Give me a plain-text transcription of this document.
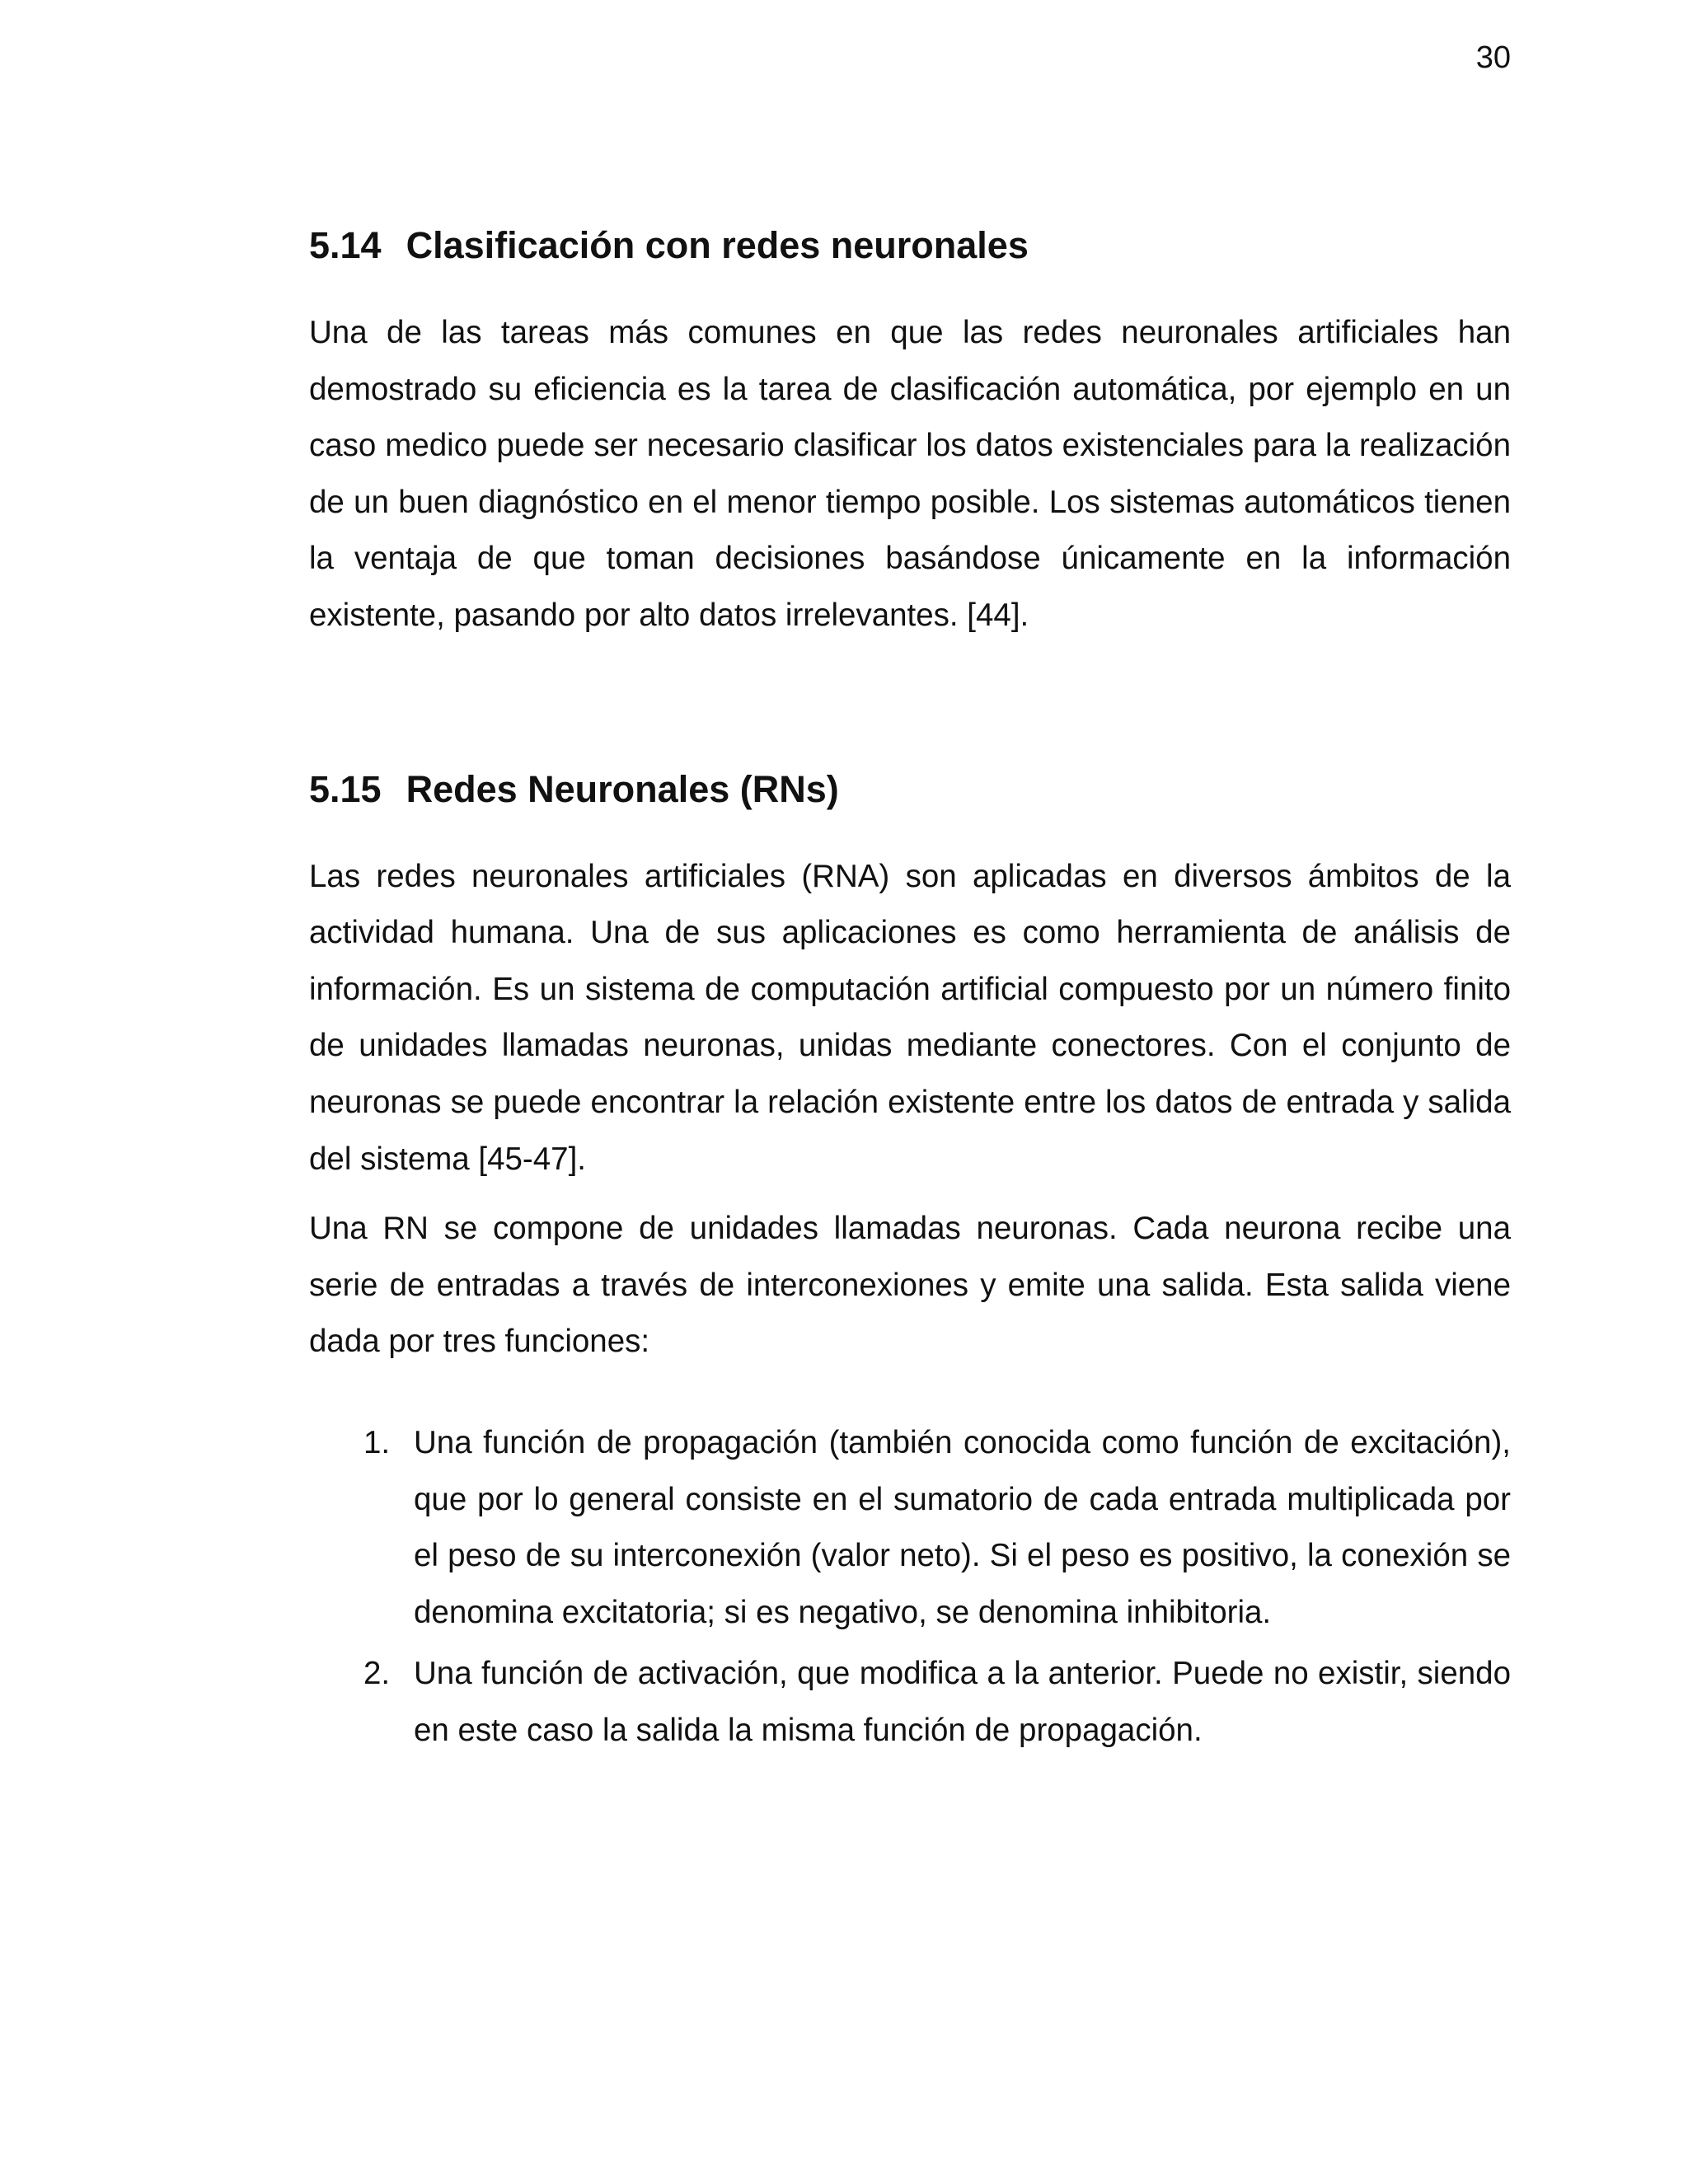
30
5.14 Clasificación con redes neuronales

Una de las tareas más comunes en que las redes neuronales artificiales han demostrado su eficiencia es la tarea de clasificación automática, por ejemplo en un caso medico puede ser necesario clasificar los datos existenciales para la realización de un buen diagnóstico en el menor tiempo posible. Los sistemas automáticos tienen la ventaja de que toman decisiones basándose únicamente en la información existente, pasando por alto datos irrelevantes. [44].

5.15 Redes Neuronales (RNs)

Las redes neuronales artificiales (RNA) son aplicadas en diversos ámbitos de la actividad humana. Una de sus aplicaciones es como herramienta de análisis de información. Es un sistema de computación artificial compuesto por un número finito de unidades llamadas neuronas, unidas mediante conectores. Con el conjunto de neuronas se puede encontrar la relación existente entre los datos de entrada y salida del sistema [45-47].

Una RN se compone de unidades llamadas neuronas. Cada neurona recibe una serie de entradas a través de interconexiones y emite una salida. Esta salida viene dada por tres funciones:

1. Una función de propagación (también conocida como función de excitación), que por lo general consiste en el sumatorio de cada entrada multiplicada por el peso de su interconexión (valor neto). Si el peso es positivo, la conexión se denomina excitatoria; si es negativo, se denomina inhibitoria.
2. Una función de activación, que modifica a la anterior. Puede no existir, siendo en este caso la salida la misma función de propagación.
